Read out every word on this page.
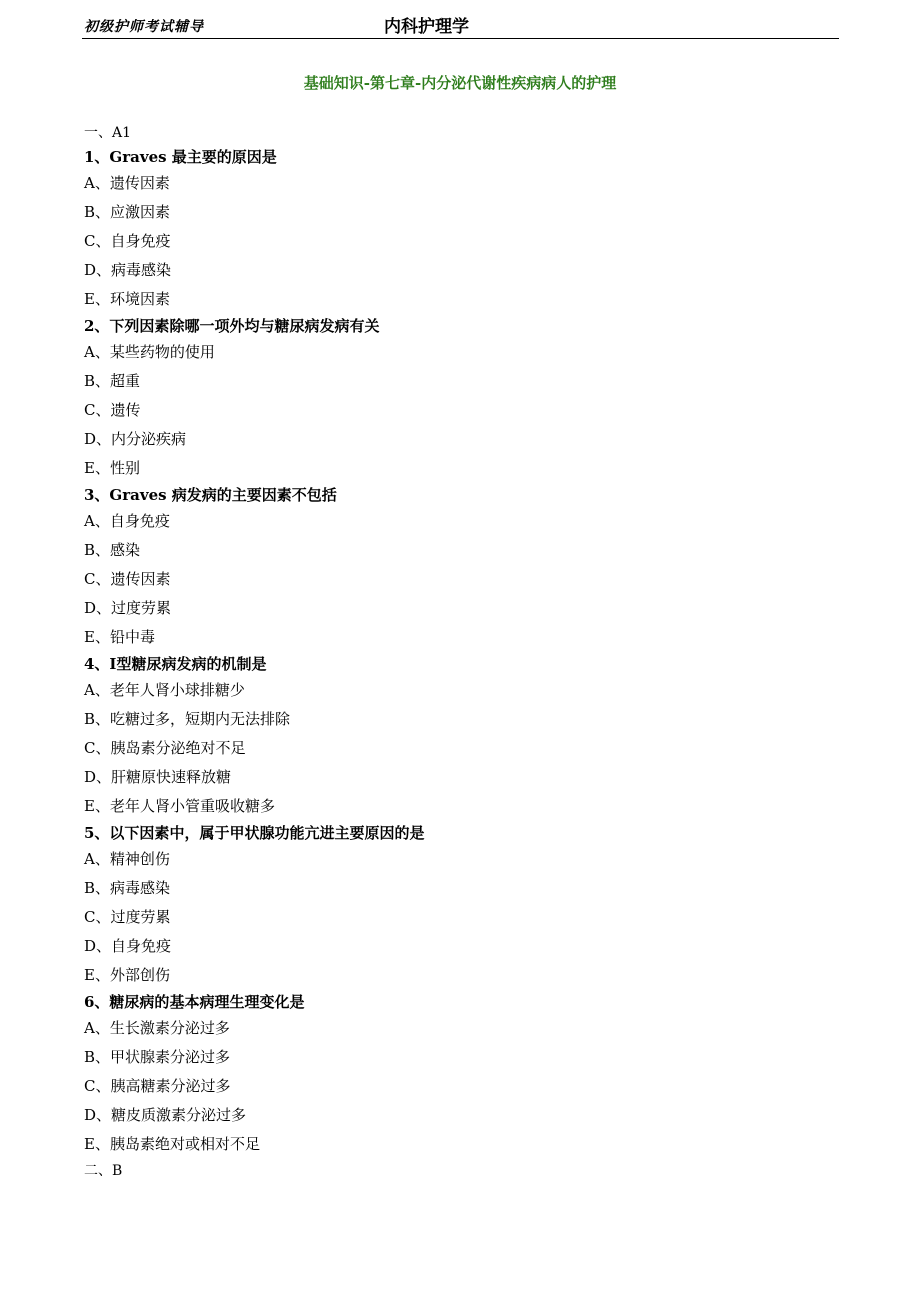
初级护师考试辅导	内科护理学
基础知识-第七章-内分泌代谢性疾病病人的护理
一、A1
1、Graves 最主要的原因是
A、遗传因素
B、应激因素
C、自身免疫
D、病毒感染
E、环境因素
2、下列因素除哪一项外均与糖尿病发病有关
A、某些药物的使用
B、超重
C、遗传
D、内分泌疾病
E、性别
3、Graves 病发病的主要因素不包括
A、自身免疫
B、感染
C、遗传因素
D、过度劳累
E、铅中毒
4、Ⅰ型糖尿病发病的机制是
A、老年人肾小球排糖少
B、吃糖过多，短期内无法排除
C、胰岛素分泌绝对不足
D、肝糖原快速释放糖
E、老年人肾小管重吸收糖多
5、以下因素中，属于甲状腺功能亢进主要原因的是
A、精神创伤
B、病毒感染
C、过度劳累
D、自身免疫
E、外部创伤
6、糖尿病的基本病理生理变化是
A、生长激素分泌过多
B、甲状腺素分泌过多
C、胰高糖素分泌过多
D、糖皮质激素分泌过多
E、胰岛素绝对或相对不足
二、B
